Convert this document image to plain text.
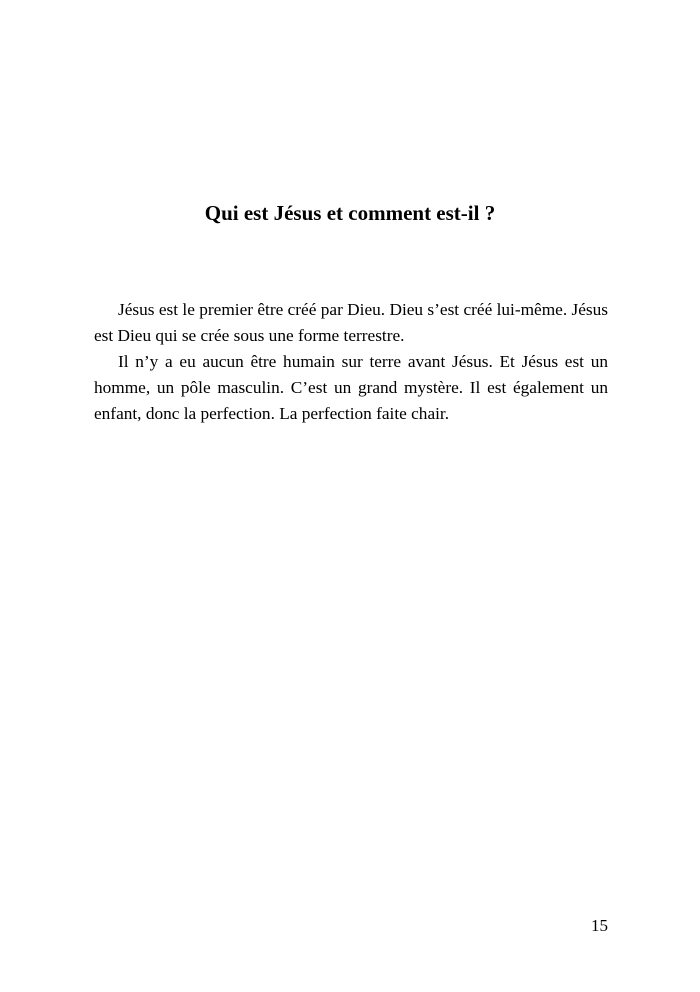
Qui est Jésus et comment est-il ?

Jésus est le premier être créé par Dieu. Dieu s’est créé lui-même. Jésus est Dieu qui se crée sous une forme terrestre.

Il n’y a eu aucun être humain sur terre avant Jésus. Et Jésus est un homme, un pôle masculin. C’est un grand mystère. Il est également un enfant, donc la perfection. La perfection faite chair.

15
